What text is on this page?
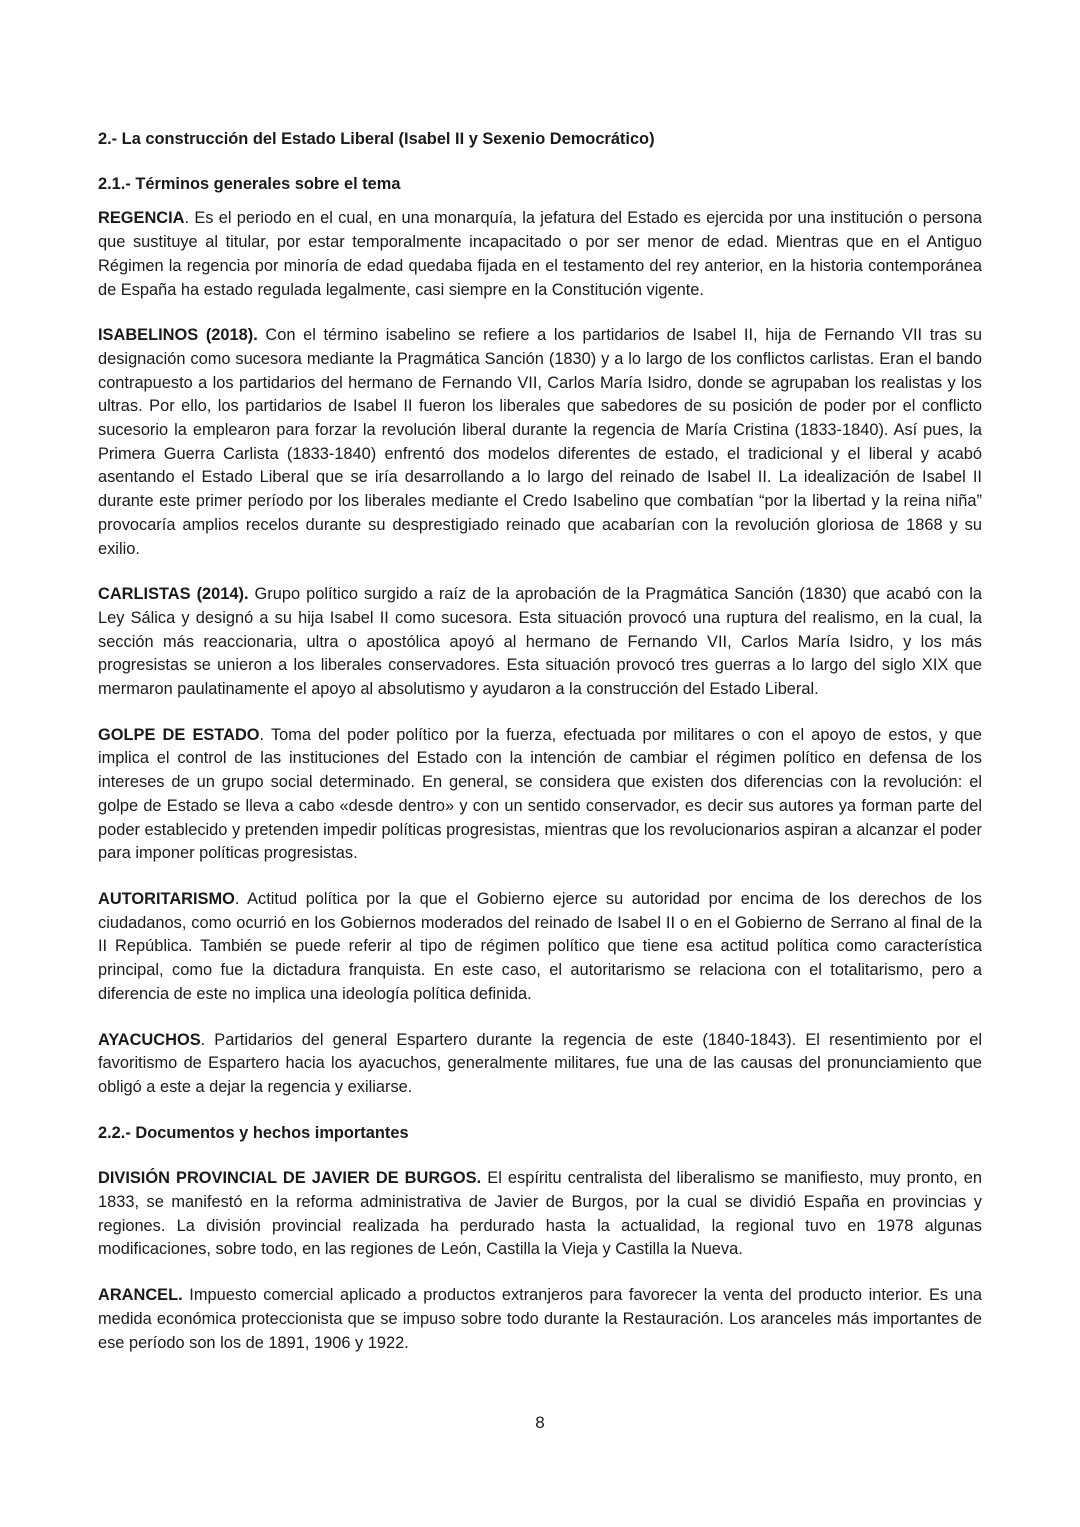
2.- La construcción del Estado Liberal (Isabel II y Sexenio Democrático)

2.1.- Términos generales sobre el tema

REGENCIA. Es el periodo en el cual, en una monarquía, la jefatura del Estado es ejercida por una institución o persona que sustituye al titular, por estar temporalmente incapacitado o por ser menor de edad. Mientras que en el Antiguo Régimen la regencia por minoría de edad quedaba fijada en el testamento del rey anterior, en la historia contemporánea de España ha estado regulada legalmente, casi siempre en la Constitución vigente.

ISABELINOS (2018). Con el término isabelino se refiere a los partidarios de Isabel II, hija de Fernando VII tras su designación como sucesora mediante la Pragmática Sanción (1830) y a lo largo de los conflictos carlistas. Eran el bando contrapuesto a los partidarios del hermano de Fernando VII, Carlos María Isidro, donde se agrupaban los realistas y los ultras. Por ello, los partidarios de Isabel II fueron los liberales que sabedores de su posición de poder por el conflicto sucesorio la emplearon para forzar la revolución liberal durante la regencia de María Cristina (1833-1840). Así pues, la Primera Guerra Carlista (1833-1840) enfrentó dos modelos diferentes de estado, el tradicional y el liberal y acabó asentando el Estado Liberal que se iría desarrollando a lo largo del reinado de Isabel II. La idealización de Isabel II durante este primer período por los liberales mediante el Credo Isabelino que combatían “por la libertad y la reina niña” provocaría amplios recelos durante su desprestigiado reinado que acabarían con la revolución gloriosa de 1868 y su exilio.

CARLISTAS (2014). Grupo político surgido a raíz de la aprobación de la Pragmática Sanción (1830) que acabó con la Ley Sálica y designó a su hija Isabel II como sucesora. Esta situación provocó una ruptura del realismo, en la cual, la sección más reaccionaria, ultra o apostólica apoyó al hermano de Fernando VII, Carlos María Isidro, y los más progresistas se unieron a los liberales conservadores. Esta situación provocó tres guerras a lo largo del siglo XIX que mermaron paulatinamente el apoyo al absolutismo y ayudaron a la construcción del Estado Liberal.

GOLPE DE ESTADO. Toma del poder político por la fuerza, efectuada por militares o con el apoyo de estos, y que implica el control de las instituciones del Estado con la intención de cambiar el régimen político en defensa de los intereses de un grupo social determinado. En general, se considera que existen dos diferencias con la revolución: el golpe de Estado se lleva a cabo «desde dentro» y con un sentido conservador, es decir sus autores ya forman parte del poder establecido y pretenden impedir políticas progresistas, mientras que los revolucionarios aspiran a alcanzar el poder para imponer políticas progresistas.

AUTORITARISMO. Actitud política por la que el Gobierno ejerce su autoridad por encima de los derechos de los ciudadanos, como ocurrió en los Gobiernos moderados del reinado de Isabel II o en el Gobierno de Serrano al final de la II República. También se puede referir al tipo de régimen político que tiene esa actitud política como característica principal, como fue la dictadura franquista. En este caso, el autoritarismo se relaciona con el totalitarismo, pero a diferencia de este no implica una ideología política definida.

AYACUCHOS. Partidarios del general Espartero durante la regencia de este (1840-1843). El resentimiento por el favoritismo de Espartero hacia los ayacuchos, generalmente militares, fue una de las causas del pronunciamiento que obligó a este a dejar la regencia y exiliarse.

2.2.- Documentos y hechos importantes

DIVISIÓN PROVINCIAL DE JAVIER DE BURGOS. El espíritu centralista del liberalismo se manifiesto, muy pronto, en 1833, se manifestó en la reforma administrativa de Javier de Burgos, por la cual se dividió España en provincias y regiones. La división provincial realizada ha perdurado hasta la actualidad, la regional tuvo en 1978 algunas modificaciones, sobre todo, en las regiones de León, Castilla la Vieja y Castilla la Nueva.

ARANCEL. Impuesto comercial aplicado a productos extranjeros para favorecer la venta del producto interior. Es una medida económica proteccionista que se impuso sobre todo durante la Restauración. Los aranceles más importantes de ese período son los de 1891, 1906 y 1922.

8
